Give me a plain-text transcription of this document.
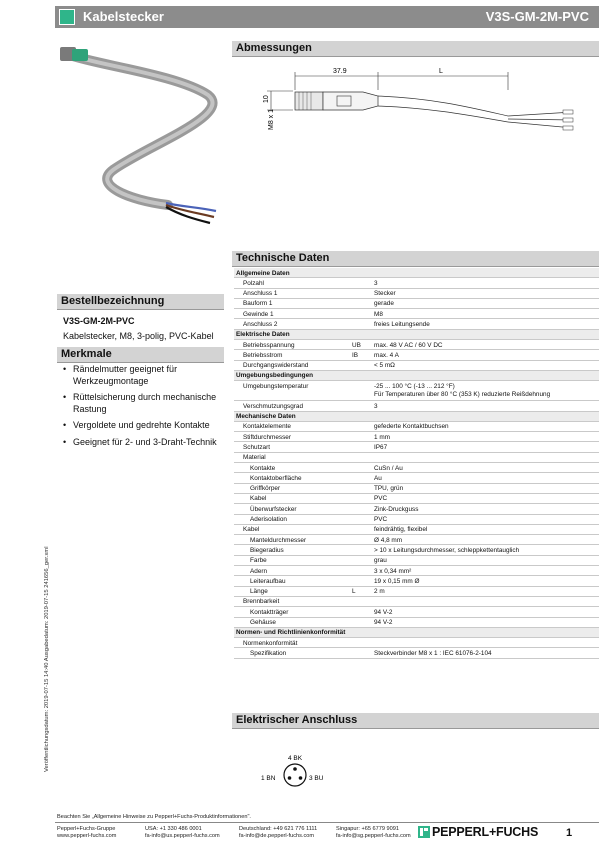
Kabelstecker	V3S-GM-2M-PVC
Bestellbezeichnung
V3S-GM-2M-PVC
Kabelstecker, M8, 3-polig, PVC-Kabel
Merkmale
• Rändelmutter geeignet für Werkzeugmontage
• Rüttelsicherung durch mechanische Rastung
• Vergoldete und gedrehte Kontakte
• Geeignet für 2- und 3-Draht-Technik
Abmessungen
37.9	L
10
M8 x 1
Technische Daten
Allgemeine Daten
Polzahl	3
Anschluss 1	Stecker
Bauform 1	gerade
Gewinde 1	M8
Anschluss 2	freies Leitungsende
Elektrische Daten
Betriebsspannung	UB max. 48 V AC / 60 V DC
Betriebsstrom	IB max. 4 A
Durchgangswiderstand	< 5 mΩ
Umgebungsbedingungen
Umgebungstemperatur	-25 ... 100 °C (-13 ... 212 °F)
Für Temperaturen über 80 °C (353 K) reduzierte Reißdehnung
Verschmutzungsgrad	3
Mechanische Daten
Kontaktelemente	gefederte Kontaktbuchsen
Stiftdurchmesser	1 mm
Schutzart	IP67
Material
Kontakte	CuSn / Au
Kontaktoberfläche	Au
Griffkörper	TPU, grün
Kabel	PVC
Überwurfstecker	Zink-Druckguss
Aderisolation	PVC
Kabel	feindrähtig, flexibel
Manteldurchmesser	Ø 4,8 mm
Biegeradius	> 10 x Leitungsdurchmesser, schleppkettentauglich
Farbe	grau
Adern	3 x 0,34 mm²
Leiteraufbau	19 x 0,15 mm Ø
Länge	L	2 m
Brennbarkeit
Kontaktträger	94 V-2
Gehäuse	94 V-2
Normen- und Richtlinienkonformität
Normenkonformität
Spezifikation	Steckverbinder M8 x 1 : IEC 61076-2-104
Elektrischer Anschluss
4 BK
1 BN	3 BU
Veröffentlichungsdatum: 2019-07-15 14:40 Ausgabedatum: 2019-07-15 241656_ger.xml
Beachten Sie „Allgemeine Hinweise zu Pepperl+Fuchs-Produktinformationen".
Pepperl+Fuchs-Gruppe
www.pepperl-fuchs.com
USA: +1 330 486 0001
fa-info@us.pepperl-fuchs.com
Deutschland: +49 621 776 1111
fa-info@de.pepperl-fuchs.com
Singapur: +65 6779 9091
fa-info@sg.pepperl-fuchs.com PEPPERL+FUCHS	1
